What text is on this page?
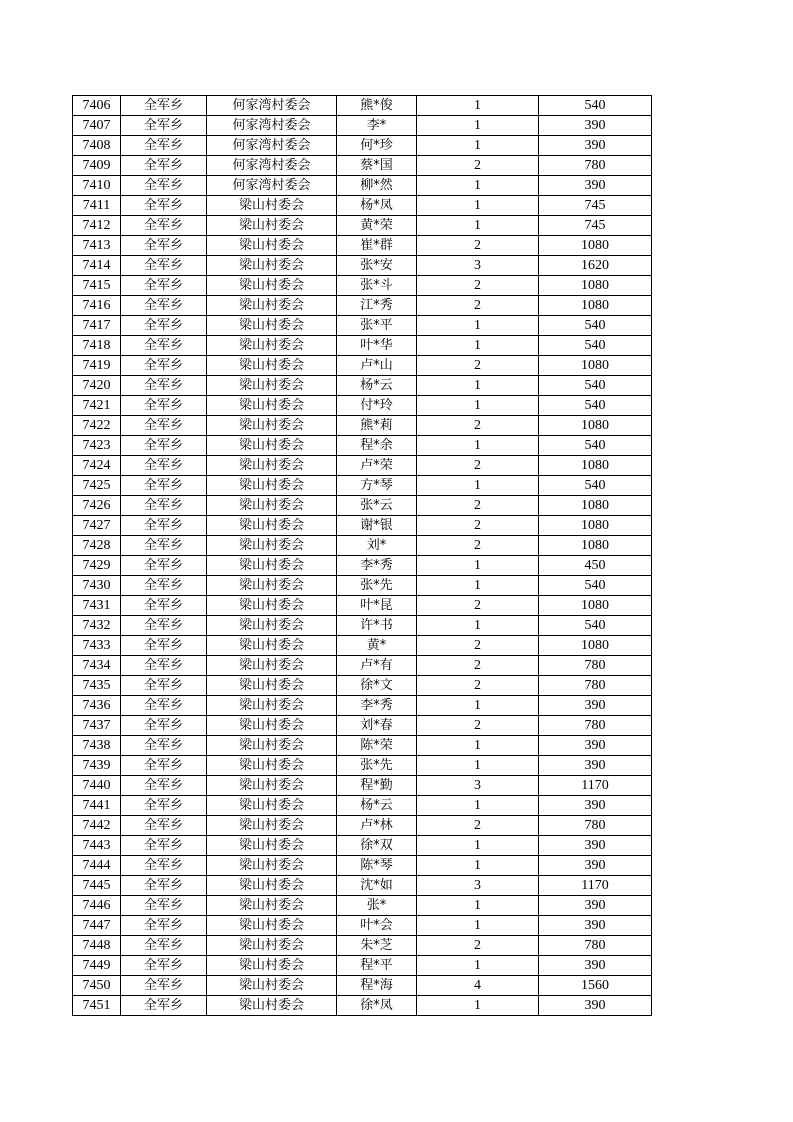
7406	全军乡	何家湾村委会	熊*俊	1	540
7407	全军乡	何家湾村委会	李*	1	390
7408	全军乡	何家湾村委会	何*珍	1	390
7409	全军乡	何家湾村委会	蔡*国	2	780
7410	全军乡	何家湾村委会	柳*然	1	390
7411	全军乡	梁山村委会	杨*凤	1	745
7412	全军乡	梁山村委会	黄*荣	1	745
7413	全军乡	梁山村委会	崔*群	2	1080
7414	全军乡	梁山村委会	张*安	3	1620
7415	全军乡	梁山村委会	张*斗	2	1080
7416	全军乡	梁山村委会	江*秀	2	1080
7417	全军乡	梁山村委会	张*平	1	540
7418	全军乡	梁山村委会	叶*华	1	540
7419	全军乡	梁山村委会	卢*山	2	1080
7420	全军乡	梁山村委会	杨*云	1	540
7421	全军乡	梁山村委会	付*玲	1	540
7422	全军乡	梁山村委会	熊*莉	2	1080
7423	全军乡	梁山村委会	程*余	1	540
7424	全军乡	梁山村委会	卢*荣	2	1080
7425	全军乡	梁山村委会	方*琴	1	540
7426	全军乡	梁山村委会	张*云	2	1080
7427	全军乡	梁山村委会	谢*银	2	1080
7428	全军乡	梁山村委会	刘*	2	1080
7429	全军乡	梁山村委会	李*秀	1	450
7430	全军乡	梁山村委会	张*先	1	540
7431	全军乡	梁山村委会	叶*昆	2	1080
7432	全军乡	梁山村委会	许*书	1	540
7433	全军乡	梁山村委会	黄*	2	1080
7434	全军乡	梁山村委会	卢*有	2	780
7435	全军乡	梁山村委会	徐*文	2	780
7436	全军乡	梁山村委会	李*秀	1	390
7437	全军乡	梁山村委会	刘*春	2	780
7438	全军乡	梁山村委会	陈*荣	1	390
7439	全军乡	梁山村委会	张*先	1	390
7440	全军乡	梁山村委会	程*勤	3	1170
7441	全军乡	梁山村委会	杨*云	1	390
7442	全军乡	梁山村委会	卢*林	2	780
7443	全军乡	梁山村委会	徐*双	1	390
7444	全军乡	梁山村委会	陈*琴	1	390
7445	全军乡	梁山村委会	沈*如	3	1170
7446	全军乡	梁山村委会	张*	1	390
7447	全军乡	梁山村委会	叶*会	1	390
7448	全军乡	梁山村委会	朱*芝	2	780
7449	全军乡	梁山村委会	程*平	1	390
7450	全军乡	梁山村委会	程*海	4	1560
7451	全军乡	梁山村委会	徐*凤	1	390
